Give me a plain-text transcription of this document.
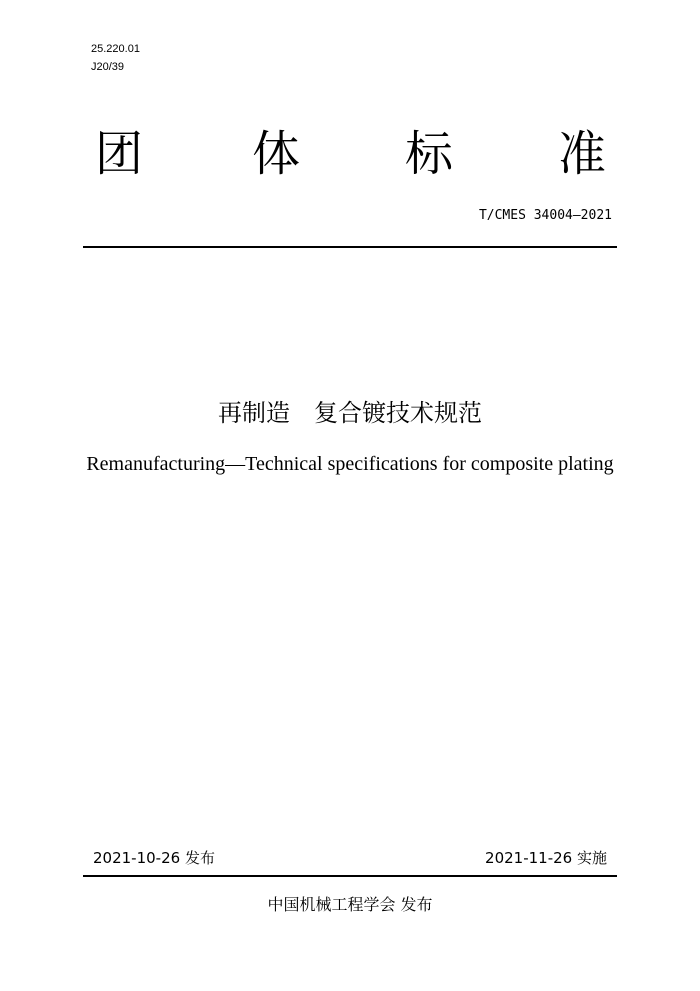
25.220.01
J20/39
团 体 标 准
T/CMES 34004—2021
再制造　复合镀技术规范
Remanufacturing—Technical specifications for composite plating
2021-10-26 发布	2021-11-26 实施
中国机械工程学会 发布
